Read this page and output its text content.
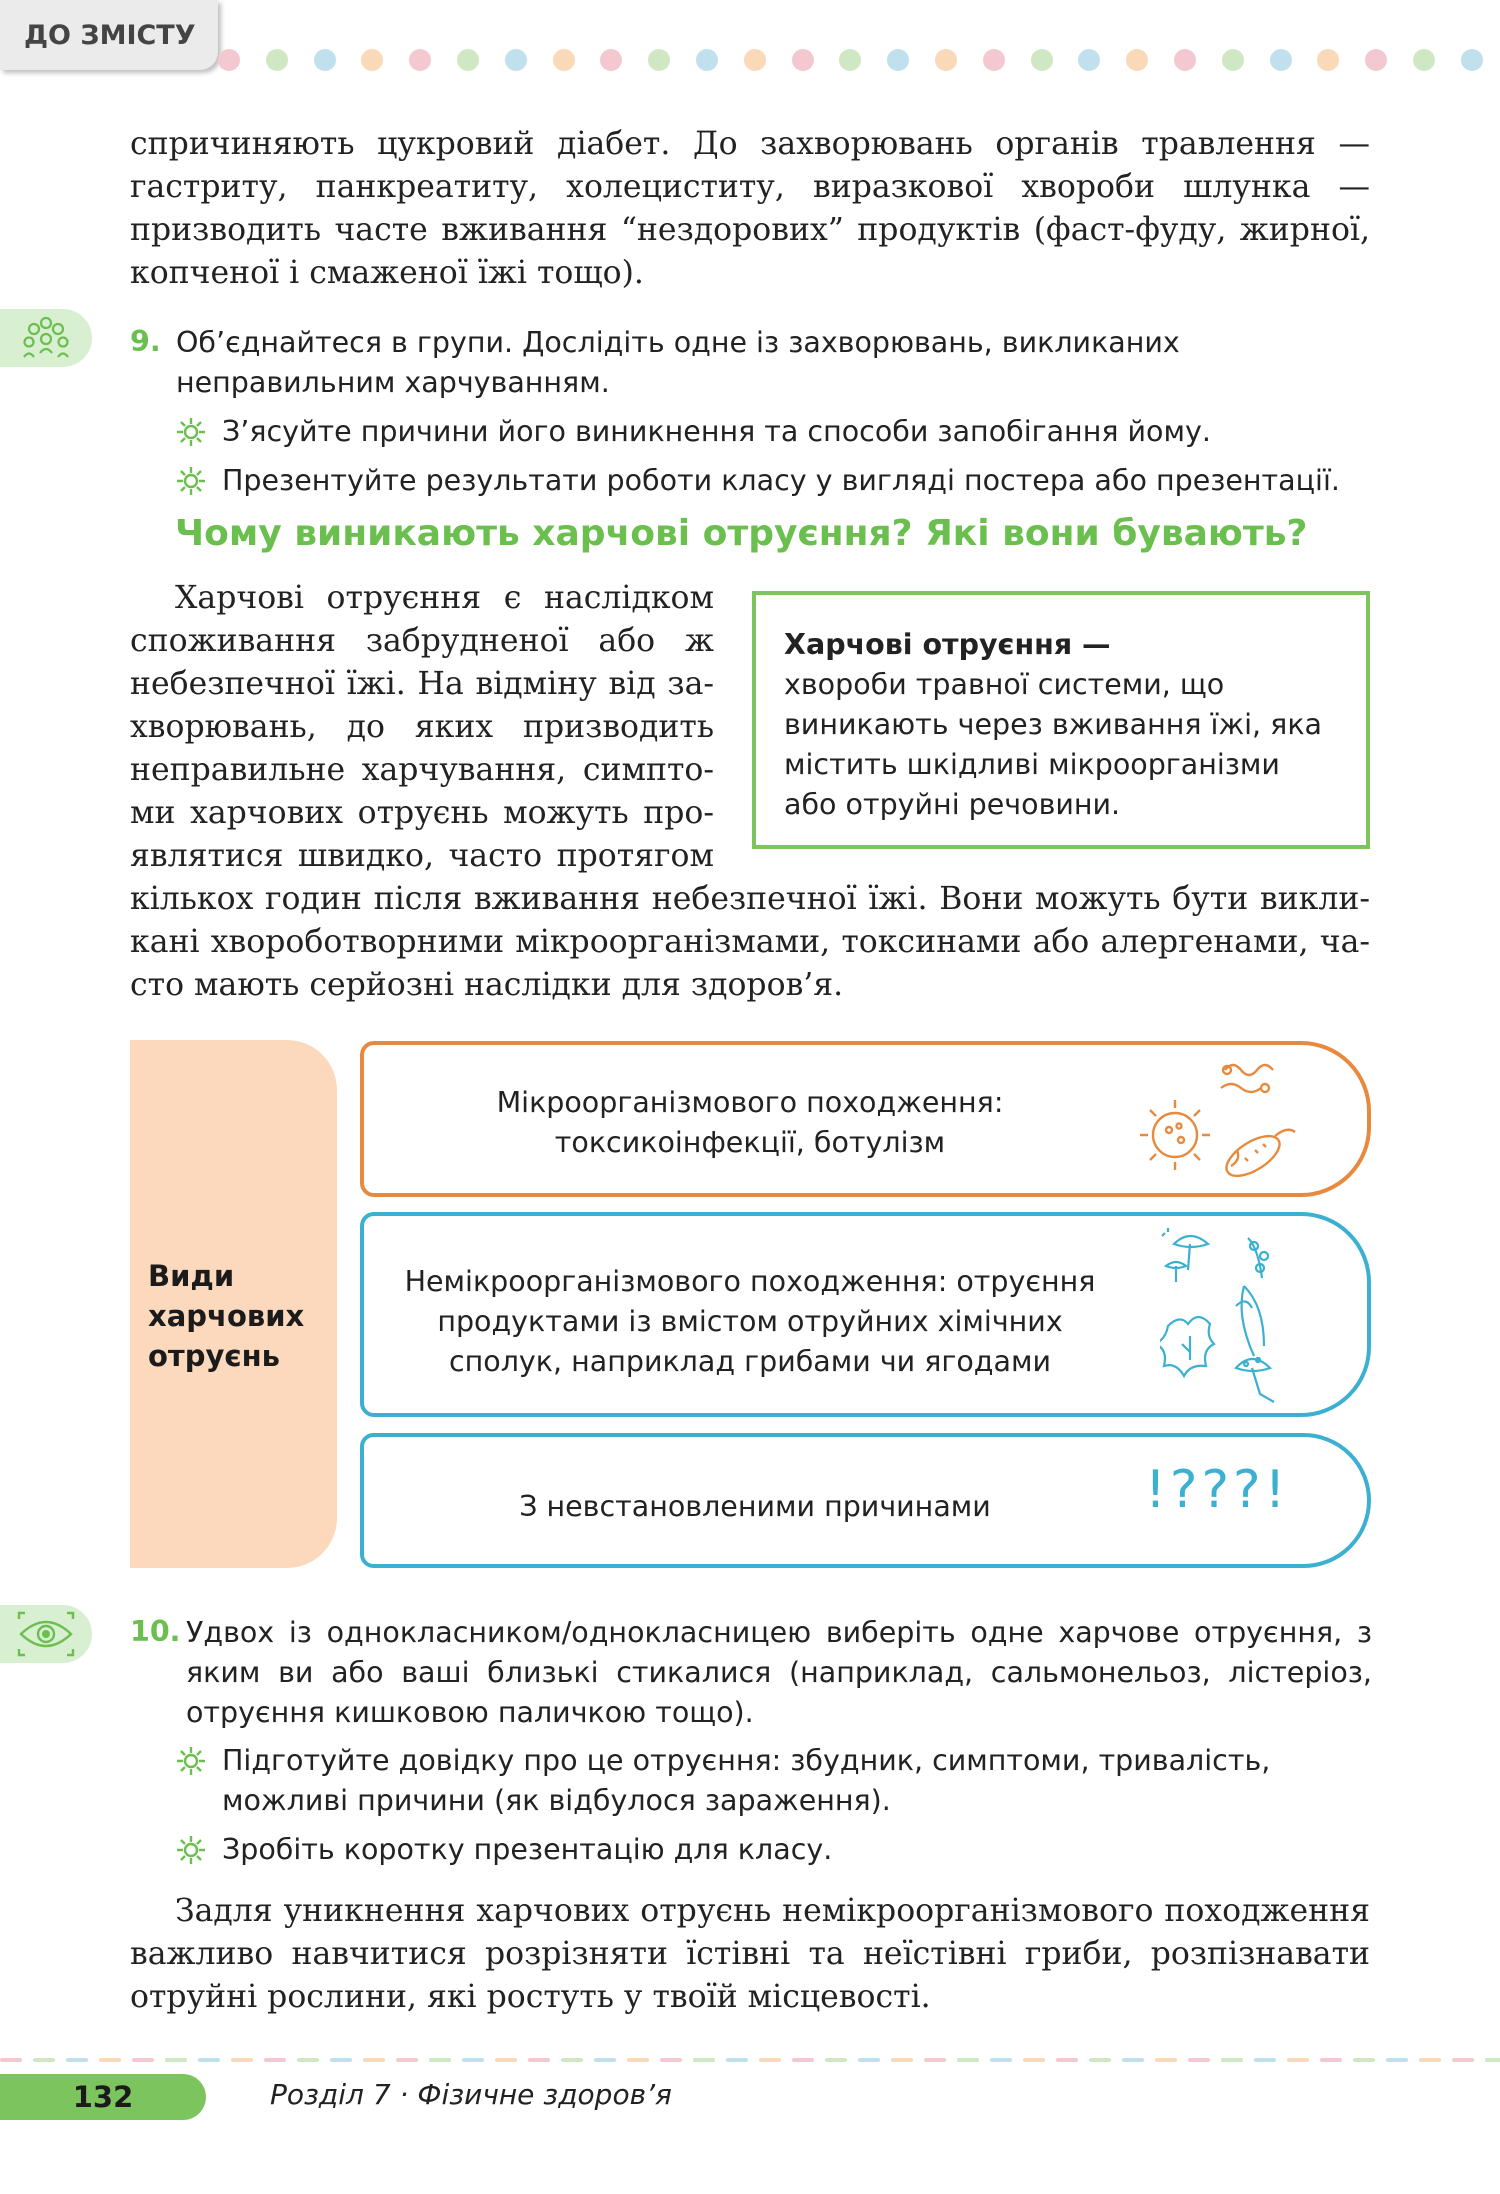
ДО ЗМІСТУ
спричиняють цукровий діабет. До захворювань органів травлення — гастриту, панкреатиту, холециститу, виразкової хвороби шлунка — призводить часте вживання “нездорових” продуктів (фаст-фуду, жирної, копченої і смаженої їжі тощо).
9. Об’єднайтеся в групи. Дослідіть одне із захворювань, викликаних неправильним харчуванням.
З’ясуйте причини його виникнення та способи запобігання йому.
Презентуйте результати роботи класу у вигляді постера або презентації.
Чому виникають харчові отруєння? Які вони бувають?
Харчові отруєння є наслідком
споживання забрудненої або ж
небезпечної їжі. На відміну від за-
хворювань, до яких призводить
неправильне харчування, симпто-
ми харчових отруєнь можуть про-
являтися швидко, часто протягом
кількох годин після вживання небезпечної їжі. Вони можуть бути викли-
кані хвороботворними мікроорганізмами, токсинами або алергенами, ча-
сто мають серйозні наслідки для здоров’я.
Харчові отруєння —
хвороби травної системи, що виникають через вживання їжі, яка містить шкідливі мікроорганізми або отруйні речовини.
Види харчових отруєнь
Мікроорганізмового походження: токсикоінфекції, ботулізм
Немікроорганізмового походження: отруєння продуктами із вмістом отруйних хімічних сполук, наприклад грибами чи ягодами
З невстановленими причинами	!???!
10. Удвох із однокласником/однокласницею виберіть одне харчове отруєння, з яким ви або ваші близькі стикалися (наприклад, сальмонельоз, лістеріоз, отруєння кишковою паличкою тощо).
Підготуйте довідку про це отруєння: збудник, симптоми, тривалість, можливі причини (як відбулося зараження).
Зробіть коротку презентацію для класу.
Задля уникнення харчових отруєнь немікроорганізмового походження
важливо навчитися розрізняти їстівні та неїстівні гриби, розпізнавати
отруйні рослини, які ростуть у твоїй місцевості.
132	Розділ 7 · Фізичне здоров’я
